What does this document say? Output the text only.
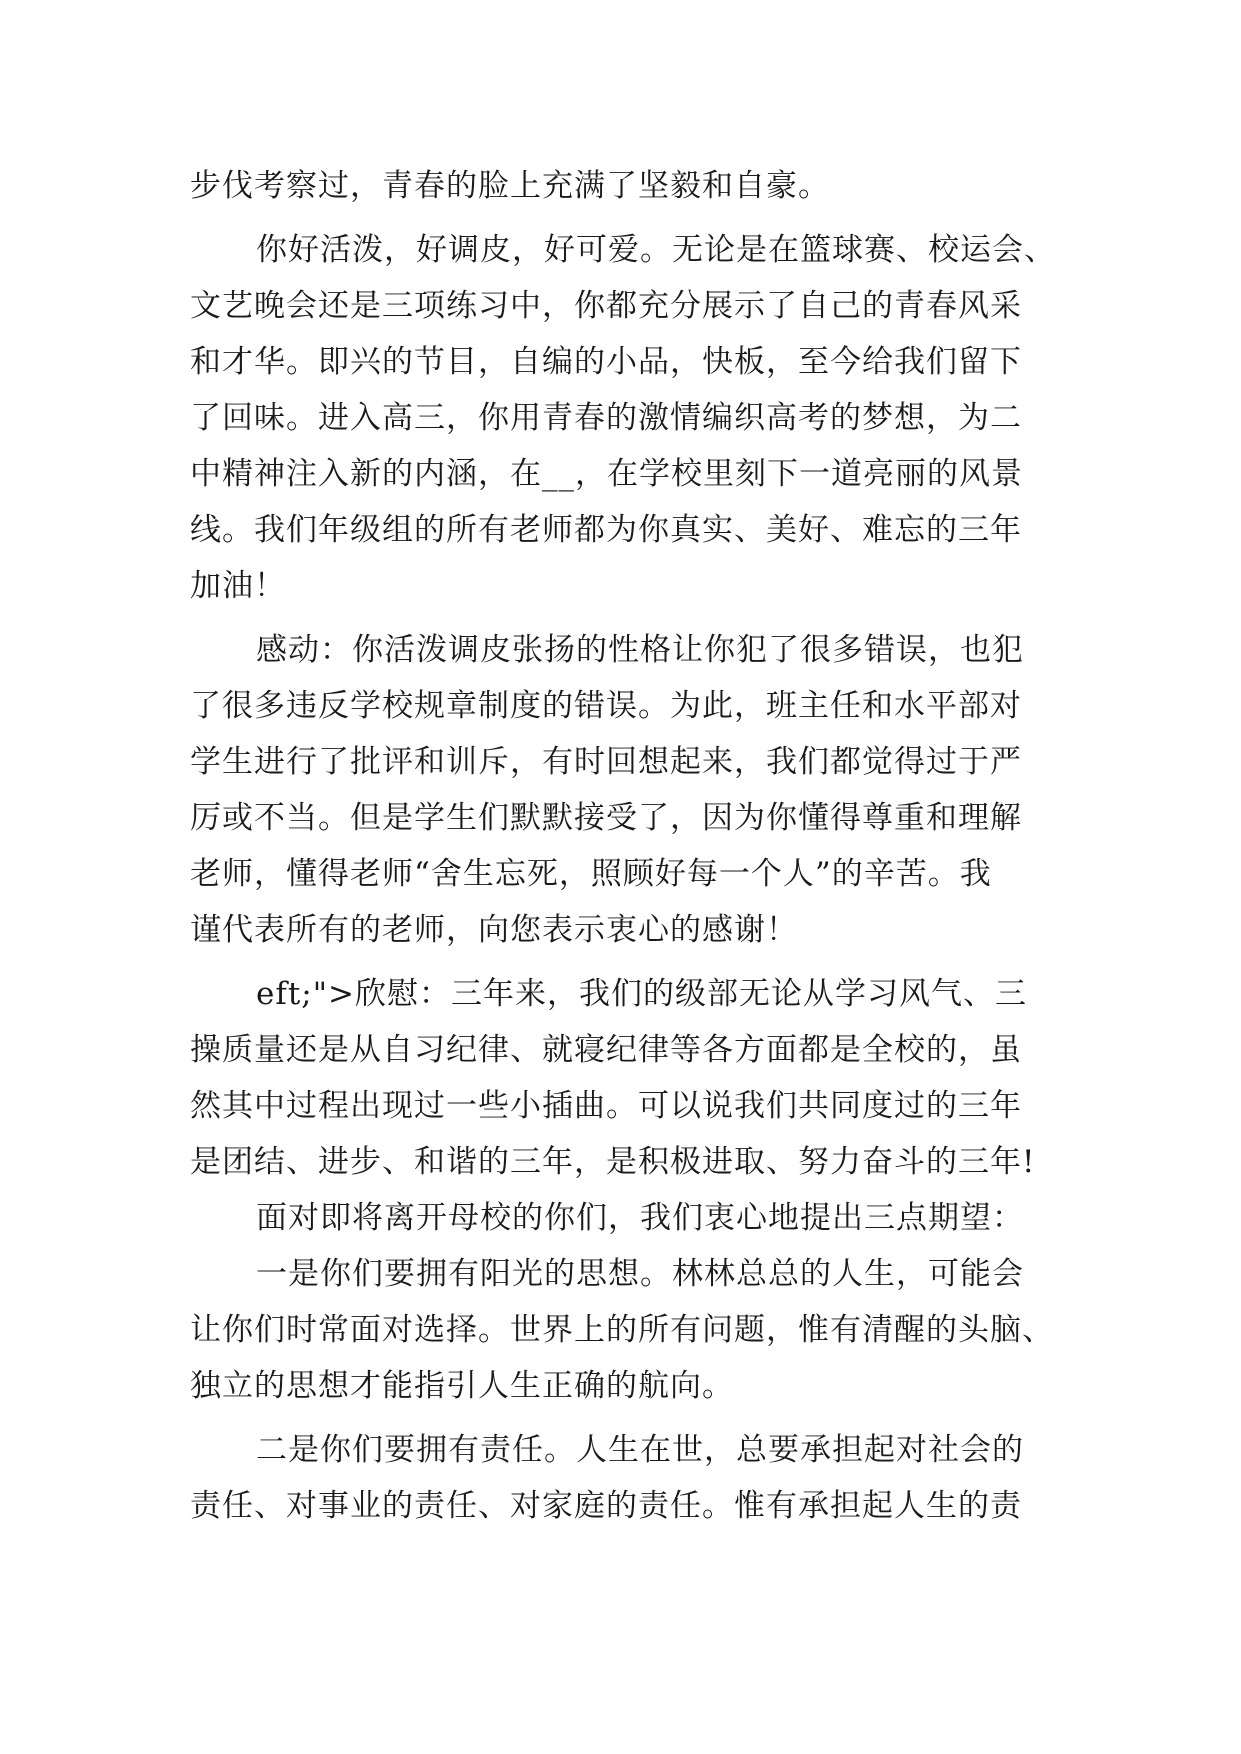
步伐考察过，青春的脸上充满了坚毅和自豪。
你好活泼，好调皮，好可爱。无论是在篮球赛、校运会、
文艺晚会还是三项练习中，你都充分展示了自己的青春风采
和才华。即兴的节目，自编的小品，快板，至今给我们留下
了回味。进入高三，你用青春的激情编织高考的梦想，为二
中精神注入新的内涵，在__，在学校里刻下一道亮丽的风景
线。我们年级组的所有老师都为你真实、美好、难忘的三年
加油！
感动：你活泼调皮张扬的性格让你犯了很多错误，也犯
了很多违反学校规章制度的错误。为此，班主任和水平部对
学生进行了批评和训斥，有时回想起来，我们都觉得过于严
厉或不当。但是学生们默默接受了，因为你懂得尊重和理解
老师，懂得老师“舍生忘死，照顾好每一个人”的辛苦。我
谨代表所有的老师，向您表示衷心的感谢！
eft;">欣慰：三年来，我们的级部无论从学习风气、三
操质量还是从自习纪律、就寝纪律等各方面都是全校的，虽
然其中过程出现过一些小插曲。可以说我们共同度过的三年
是团结、进步、和谐的三年，是积极进取、努力奋斗的三年!
面对即将离开母校的你们，我们衷心地提出三点期望：
一是你们要拥有阳光的思想。林林总总的人生，可能会
让你们时常面对选择。世界上的所有问题，惟有清醒的头脑、
独立的思想才能指引人生正确的航向。
二是你们要拥有责任。人生在世，总要承担起对社会的
责任、对事业的责任、对家庭的责任。惟有承担起人生的责
